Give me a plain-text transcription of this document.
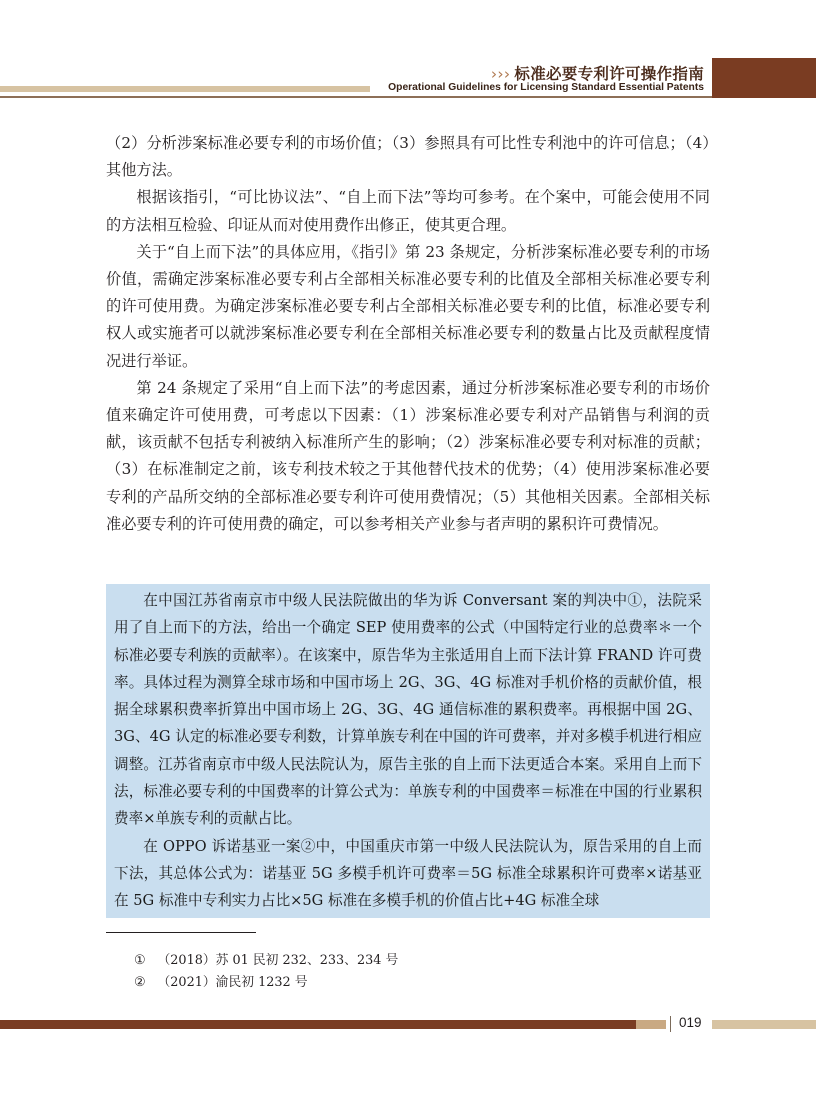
››› 标准必要专利许可操作指南
Operational Guidelines for Licensing Standard Essential Patents

（2）分析涉案标准必要专利的市场价值；（3）参照具有可比性专利池中的许可信息；（4）其他方法。

根据该指引，“可比协议法”、“自上而下法”等均可参考。在个案中，可能会使用不同的方法相互检验、印证从而对使用费作出修正，使其更合理。

关于“自上而下法”的具体应用，《指引》第 23 条规定，分析涉案标准必要专利的市场价值，需确定涉案标准必要专利占全部相关标准必要专利的比值及全部相关标准必要专利的许可使用费。为确定涉案标准必要专利占全部相关标准必要专利的比值，标准必要专利权人或实施者可以就涉案标准必要专利在全部相关标准必要专利的数量占比及贡献程度情况进行举证。

第 24 条规定了采用“自上而下法”的考虑因素，通过分析涉案标准必要专利的市场价值来确定许可使用费，可考虑以下因素：（1）涉案标准必要专利对产品销售与利润的贡献，该贡献不包括专利被纳入标准所产生的影响；（2）涉案标准必要专利对标准的贡献；（3）在标准制定之前，该专利技术较之于其他替代技术的优势；（4）使用涉案标准必要专利的产品所交纳的全部标准必要专利许可使用费情况；（5）其他相关因素。全部相关标准必要专利的许可使用费的确定，可以参考相关产业参与者声明的累积许可费情况。

在中国江苏省南京市中级人民法院做出的华为诉 Conversant 案的判决中①，法院采用了自上而下的方法，给出一个确定 SEP 使用费率的公式（中国特定行业的总费率＊一个标准必要专利族的贡献率）。在该案中，原告华为主张适用自上而下法计算 FRAND 许可费率。具体过程为测算全球市场和中国市场上 2G、3G、4G 标准对手机价格的贡献价值，根据全球累积费率折算出中国市场上 2G、3G、4G 通信标准的累积费率。再根据中国 2G、3G、4G 认定的标准必要专利数，计算单族专利在中国的许可费率，并对多模手机进行相应调整。江苏省南京市中级人民法院认为，原告主张的自上而下法更适合本案。采用自上而下法，标准必要专利的中国费率的计算公式为：单族专利的中国费率＝标准在中国的行业累积费率×单族专利的贡献占比。

在 OPPO 诉诺基亚一案②中，中国重庆市第一中级人民法院认为，原告采用的自上而下法，其总体公式为：诺基亚 5G 多模手机许可费率＝5G 标准全球累积许可费率×诺基亚在 5G 标准中专利实力占比×5G 标准在多模手机的价值占比+4G 标准全球

① （2018）苏 01 民初 232、233、234 号
② （2021）渝民初 1232 号
019
